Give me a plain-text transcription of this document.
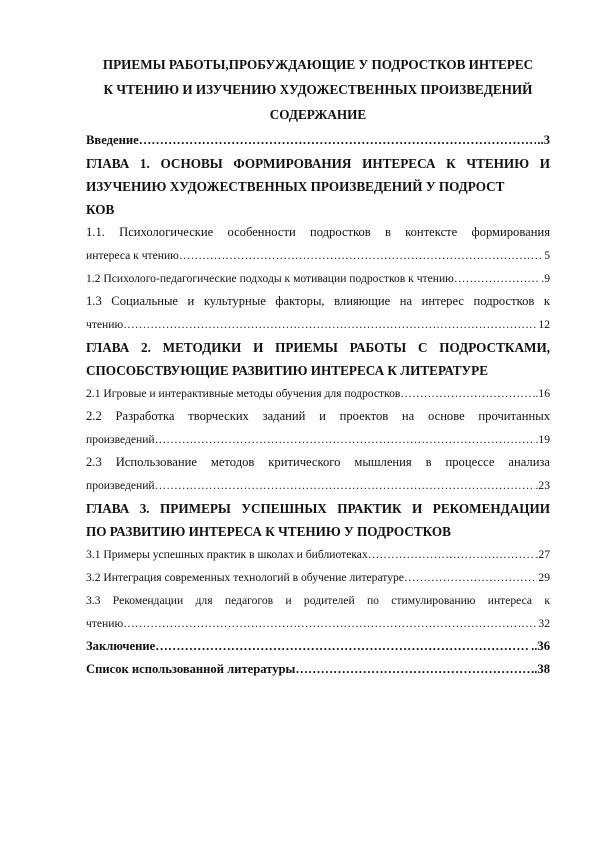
ПРИЕМЫ РАБОТЫ,ПРОБУЖДАЮЩИЕ У ПОДРОСТКОВ ИНТЕРЕС
К ЧТЕНИЮ И ИЗУЧЕНИЮ ХУДОЖЕСТВЕННЫХ ПРОИЗВЕДЕНИЙ
СОДЕРЖАНИЕ
Введение ……………………………………………………………………………………………………………………………………………………	..3
ГЛАВА 1. ОСНОВЫ ФОРМИРОВАНИЯ ИНТЕРЕСА К ЧТЕНИЮ И
ИЗУЧЕНИЮ ХУДОЖЕСТВЕННЫХ ПРОИЗВЕДЕНИЙ У ПОДРОСТ
КОВ
1.1. Психологические особенности подростков в контексте формирования
интереса к чтению ……………………………………………………………………………………………………………………………………………………	5
1.2 Психолого-педагогические подходы к мотивации подростков к чтению ……………………………………………………………………………………………………………………………………………………	.9
1.3 Социальные и культурные факторы, влияющие на интерес подростков к
чтению ……………………………………………………………………………………………………………………………………………………	12
ГЛАВА 2. МЕТОДИКИ И ПРИЕМЫ РАБОТЫ С ПОДРОСТКАМИ,
СПОСОБСТВУЮЩИЕ РАЗВИТИЮ ИНТЕРЕСА К ЛИТЕРАТУРЕ
2.1 Игровые и интерактивные методы обучения для подростков ……………………………………………………………………………………………………………………………………………………	..16
2.2 Разработка творческих заданий и проектов на основе прочитанных
произведений ……………………………………………………………………………………………………………………………………………………	.19
2.3 Использование методов критического мышления в процессе анализа
произведений ……………………………………………………………………………………………………………………………………………………	.23
ГЛАВА 3. ПРИМЕРЫ УСПЕШНЫХ ПРАКТИК И РЕКОМЕНДАЦИИ
ПО РАЗВИТИЮ ИНТЕРЕСА К ЧТЕНИЮ У ПОДРОСТКОВ
3.1 Примеры успешных практик в школах и библиотеках ……………………………………………………………………………………………………………………………………………………	.27
3.2 Интеграция современных технологий в обучение литературе ……………………………………………………………………………………………………………………………………………………	29
3.3 Рекомендации для педагогов и родителей по стимулированию интереса к
чтению ……………………………………………………………………………………………………………………………………………………	32
Заключение ……………………………………………………………………………………………………………………………………………………	..36
Список использованной литературы ……………………………………………………………………………………………………………………………………………………	..38
